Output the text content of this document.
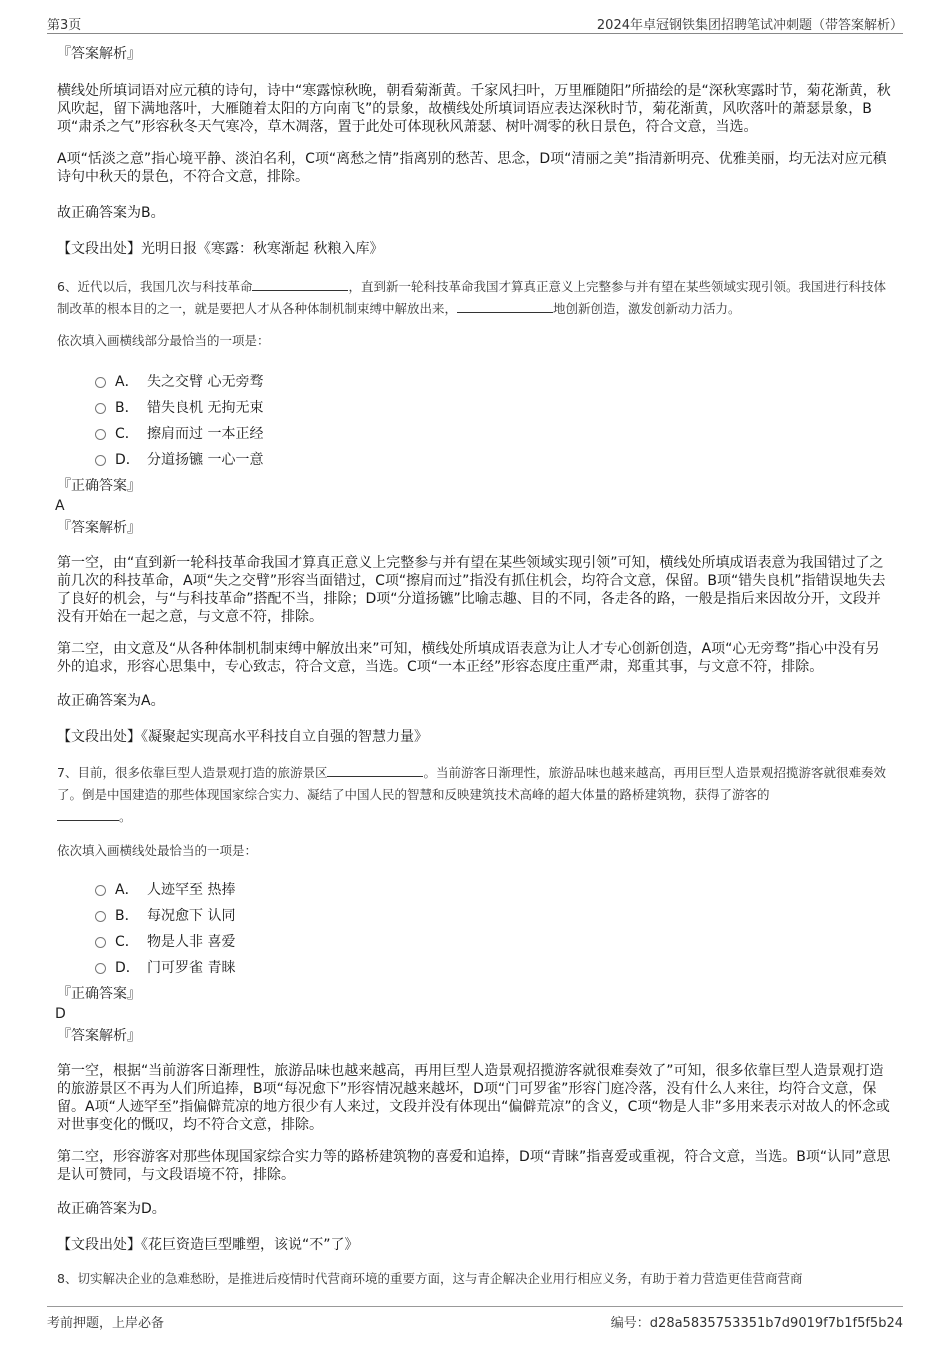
第3页	2024年卓冠钢铁集团招聘笔试冲刺题（带答案解析）

『答案解析』

横线处所填词语对应元稹的诗句，诗中“寒露惊秋晚，朝看菊渐黄。千家风扫叶，万里雁随阳”所描绘的是“深秋寒露时节，菊花渐黄，秋风吹起，留下满地落叶，大雁随着太阳的方向南飞”的景象，故横线处所填词语应表达深秋时节，菊花渐黄，风吹落叶的萧瑟景象，B项“肃杀之气”形容秋冬天气寒冷，草木凋落，置于此处可体现秋风萧瑟、树叶凋零的秋日景色，符合文意，当选。

A项“恬淡之意”指心境平静、淡泊名利，C项“离愁之情”指离别的愁苦、思念，D项“清丽之美”指清新明亮、优雅美丽，均无法对应元稹诗句中秋天的景色，不符合文意，排除。

故正确答案为B。

【文段出处】光明日报《寒露：秋寒渐起 秋粮入库》

6、近代以后，我国几次与科技革命	，直到新一轮科技革命我国才算真正意义上完整参与并有望在某些领域实现引领。我国进行科技体制改革的根本目的之一，就是要把人才从各种体制机制束缚中解放出来，	地创新创造，激发创新动力活力。

依次填入画横线部分最恰当的一项是：

A． 失之交臂 心无旁骛
B． 错失良机 无拘无束
C． 擦肩而过 一本正经
D． 分道扬镳 一心一意

『正确答案』

A

『答案解析』

第一空，由“直到新一轮科技革命我国才算真正意义上完整参与并有望在某些领域实现引领”可知，横线处所填成语表意为我国错过了之前几次的科技革命，A项“失之交臂”形容当面错过，C项“擦肩而过”指没有抓住机会，均符合文意，保留。B项“错失良机”指错误地失去了良好的机会，与“与科技革命”搭配不当，排除；D项“分道扬镳”比喻志趣、目的不同，各走各的路，一般是指后来因故分开，文段并没有开始在一起之意，与文意不符，排除。

第二空，由文意及“从各种体制机制束缚中解放出来”可知，横线处所填成语表意为让人才专心创新创造，A项“心无旁骛”指心中没有另外的追求，形容心思集中，专心致志，符合文意，当选。C项“一本正经”形容态度庄重严肃，郑重其事，与文意不符，排除。

故正确答案为A。

【文段出处】《凝聚起实现高水平科技自立自强的智慧力量》

7、目前，很多依靠巨型人造景观打造的旅游景区	。当前游客日渐理性，旅游品味也越来越高，再用巨型人造景观招揽游客就很难奏效了。倒是中国建造的那些体现国家综合实力、凝结了中国人民的智慧和反映建筑技术高峰的超大体量的路桥建筑物，获得了游客的
。

依次填入画横线处最恰当的一项是：

A． 人迹罕至 热捧
B． 每况愈下 认同
C． 物是人非 喜爱
D． 门可罗雀 青睐

『正确答案』

D

『答案解析』

第一空，根据“当前游客日渐理性，旅游品味也越来越高，再用巨型人造景观招揽游客就很难奏效了”可知，很多依靠巨型人造景观打造的旅游景区不再为人们所追捧，B项“每况愈下”形容情况越来越坏，D项“门可罗雀”形容门庭冷落，没有什么人来往，均符合文意，保留。A项“人迹罕至”指偏僻荒凉的地方很少有人来过，文段并没有体现出“偏僻荒凉”的含义，C项“物是人非”多用来表示对故人的怀念或对世事变化的慨叹，均不符合文意，排除。

第二空，形容游客对那些体现国家综合实力等的路桥建筑物的喜爱和追捧，D项“青睐”指喜爱或重视，符合文意，当选。B项“认同”意思是认可赞同，与文段语境不符，排除。

故正确答案为D。

【文段出处】《花巨资造巨型雕塑，该说“不”了》

8、切实解决企业的急难愁盼，是推进后疫情时代营商环境的重要方面，这与青企解决企业用行相应义务，有助于着力营造更佳营商营商

考前押题，上岸必备	编号：d28a5835753351b7d9019f7b1f5f5b24
